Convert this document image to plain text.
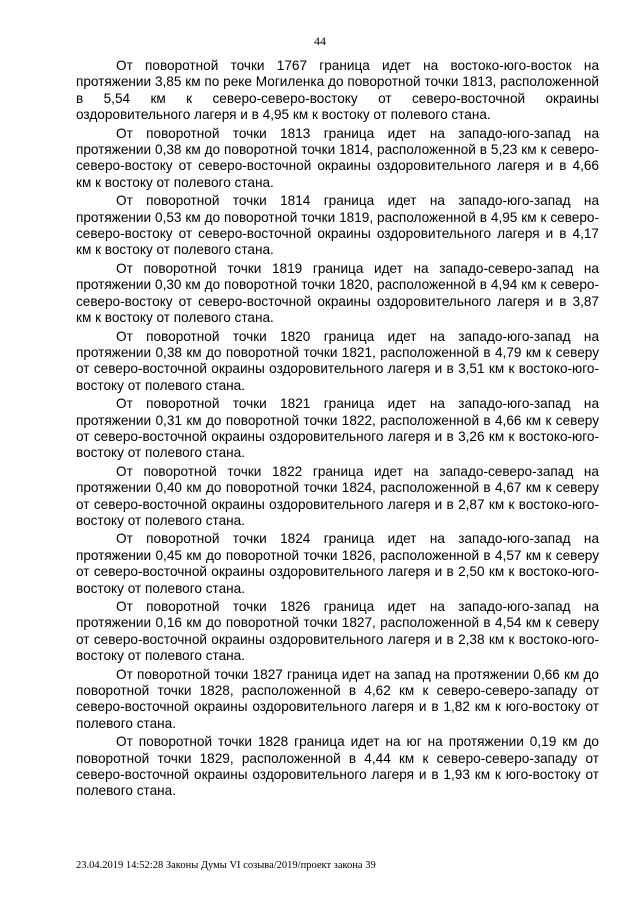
44

От поворотной точки 1767 граница идет на востоко-юго-восток на протяжении 3,85 км по реке Могиленка до поворотной точки 1813, расположенной в 5,54 км к северо-северо-востоку от северо-восточной окраины оздоровительного лагеря и в 4,95 км к востоку от полевого стана.

От поворотной точки 1813 граница идет на западо-юго-запад на протяжении 0,38 км до поворотной точки 1814, расположенной в 5,23 км к северо-северо-востоку от северо-восточной окраины оздоровительного лагеря и в 4,66 км к востоку от полевого стана.

От поворотной точки 1814 граница идет на западо-юго-запад на протяжении 0,53 км до поворотной точки 1819, расположенной в 4,95 км к северо-северо-востоку от северо-восточной окраины оздоровительного лагеря и в 4,17 км к востоку от полевого стана.

От поворотной точки 1819 граница идет на западо-северо-запад на протяжении 0,30 км до поворотной точки 1820, расположенной в 4,94 км к северо-северо-востоку от северо-восточной окраины оздоровительного лагеря и в 3,87 км к востоку от полевого стана.

От поворотной точки 1820 граница идет на западо-юго-запад на протяжении 0,38 км до поворотной точки 1821, расположенной в 4,79 км к северу от северо-восточной окраины оздоровительного лагеря и в 3,51 км к востоко-юго-востоку от полевого стана.

От поворотной точки 1821 граница идет на западо-юго-запад на протяжении 0,31 км до поворотной точки 1822, расположенной в 4,66 км к северу от северо-восточной окраины оздоровительного лагеря и в 3,26 км к востоко-юго-востоку от полевого стана.

От поворотной точки 1822 граница идет на западо-северо-запад на протяжении 0,40 км до поворотной точки 1824, расположенной в 4,67 км к северу от северо-восточной окраины оздоровительного лагеря и в 2,87 км к востоко-юго-востоку от полевого стана.

От поворотной точки 1824 граница идет на западо-юго-запад на протяжении 0,45 км до поворотной точки 1826, расположенной в 4,57 км к северу от северо-восточной окраины оздоровительного лагеря и в 2,50 км к востоко-юго-востоку от полевого стана.

От поворотной точки 1826 граница идет на западо-юго-запад на протяжении 0,16 км до поворотной точки 1827, расположенной в 4,54 км к северу от северо-восточной окраины оздоровительного лагеря и в 2,38 км к востоко-юго-востоку от полевого стана.

От поворотной точки 1827 граница идет на запад на протяжении 0,66 км до поворотной точки 1828, расположенной в 4,62 км к северо-северо-западу от северо-восточной окраины оздоровительного лагеря и в 1,82 км к юго-востоку от полевого стана.

От поворотной точки 1828 граница идет на юг на протяжении 0,19 км до поворотной точки 1829, расположенной в 4,44 км к северо-северо-западу от северо-восточной окраины оздоровительного лагеря и в 1,93 км к юго-востоку от полевого стана.

23.04.2019 14:52:28 Законы Думы VI созыва/2019/проект закона 39
